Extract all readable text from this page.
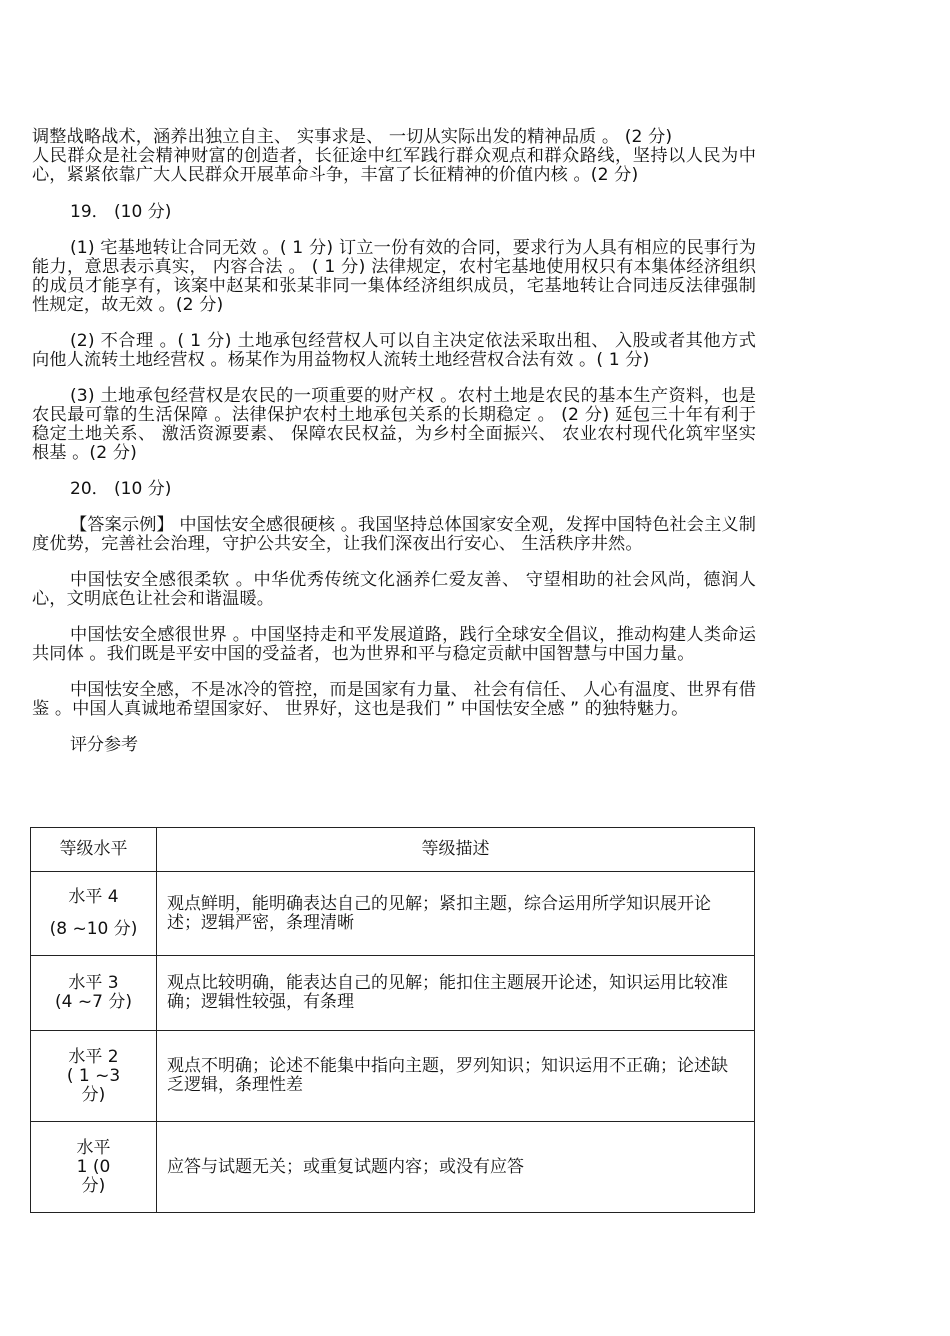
调整战略战术，涵养出独立自主、 实事求是、 一切从实际出发的精神品质 。 (2 分)
人民群众是社会精神财富的创造者，长征途中红军践行群众观点和群众路线，坚持以人民为中心，紧紧依靠广大人民群众开展革命斗争，丰富了长征精神的价值内核 。(2 分)
19． (10 分)
(1) 宅基地转让合同无效 。( 1 分) 订立一份有效的合同，要求行为人具有相应的民事行为能力，意思表示真实， 内容合法 。 ( 1 分) 法律规定，农村宅基地使用权只有本集体经济组织的成员才能享有，该案中赵某和张某非同一集体经济组织成员，宅基地转让合同违反法律强制性规定，故无效 。(2 分)
(2) 不合理 。( 1 分) 土地承包经营权人可以自主决定依法采取出租、 入股或者其他方式向他人流转土地经营权 。杨某作为用益物权人流转土地经营权合法有效 。( 1 分)
(3) 土地承包经营权是农民的一项重要的财产权 。农村土地是农民的基本生产资料，也是农民最可靠的生活保障 。法律保护农村土地承包关系的长期稳定 。 (2 分) 延包三十年有利于稳定土地关系、 激活资源要素、 保障农民权益，为乡村全面振兴、 农业农村现代化筑牢坚实根基 。(2 分)
20． (10 分)
【答案示例】 中国怯安全感很硬核 。我国坚持总体国家安全观，发挥中国特色社会主义制度优势，完善社会治理，守护公共安全，让我们深夜出行安心、 生活秩序井然。
中国怯安全感很柔软 。中华优秀传统文化涵养仁爱友善、 守望相助的社会风尚，德润人心，文明底色让社会和谐温暖。
中国怯安全感很世界 。中国坚持走和平发展道路，践行全球安全倡议，推动构建人类命运共同体 。我们既是平安中国的受益者，也为世界和平与稳定贡献中国智慧与中国力量。
中国怯安全感，不是冰冷的管控，而是国家有力量、 社会有信任、 人心有温度、世界有借鉴 。中国人真诚地希望国家好、 世界好，这也是我们 ” 中国怯安全感 ” 的独特魅力。
评分参考
等级水平	等级描述

水平 4
(8 ~10 分)	观点鲜明，能明确表达自己的见解；紧扣主题，综合运用所学知识展开论述；逻辑严密，条理清晰

水平 3
(4 ~7 分)	观点比较明确，能表达自己的见解；能扣住主题展开论述，知识运用比较准确；逻辑性较强，有条理

水平 2
( 1 ~3 分)	观点不明确；论述不能集中指向主题，罗列知识；知识运用不正确；论述缺乏逻辑，条理性差

水平
1 (0 分)	应答与试题无关；或重复试题内容；或没有应答
